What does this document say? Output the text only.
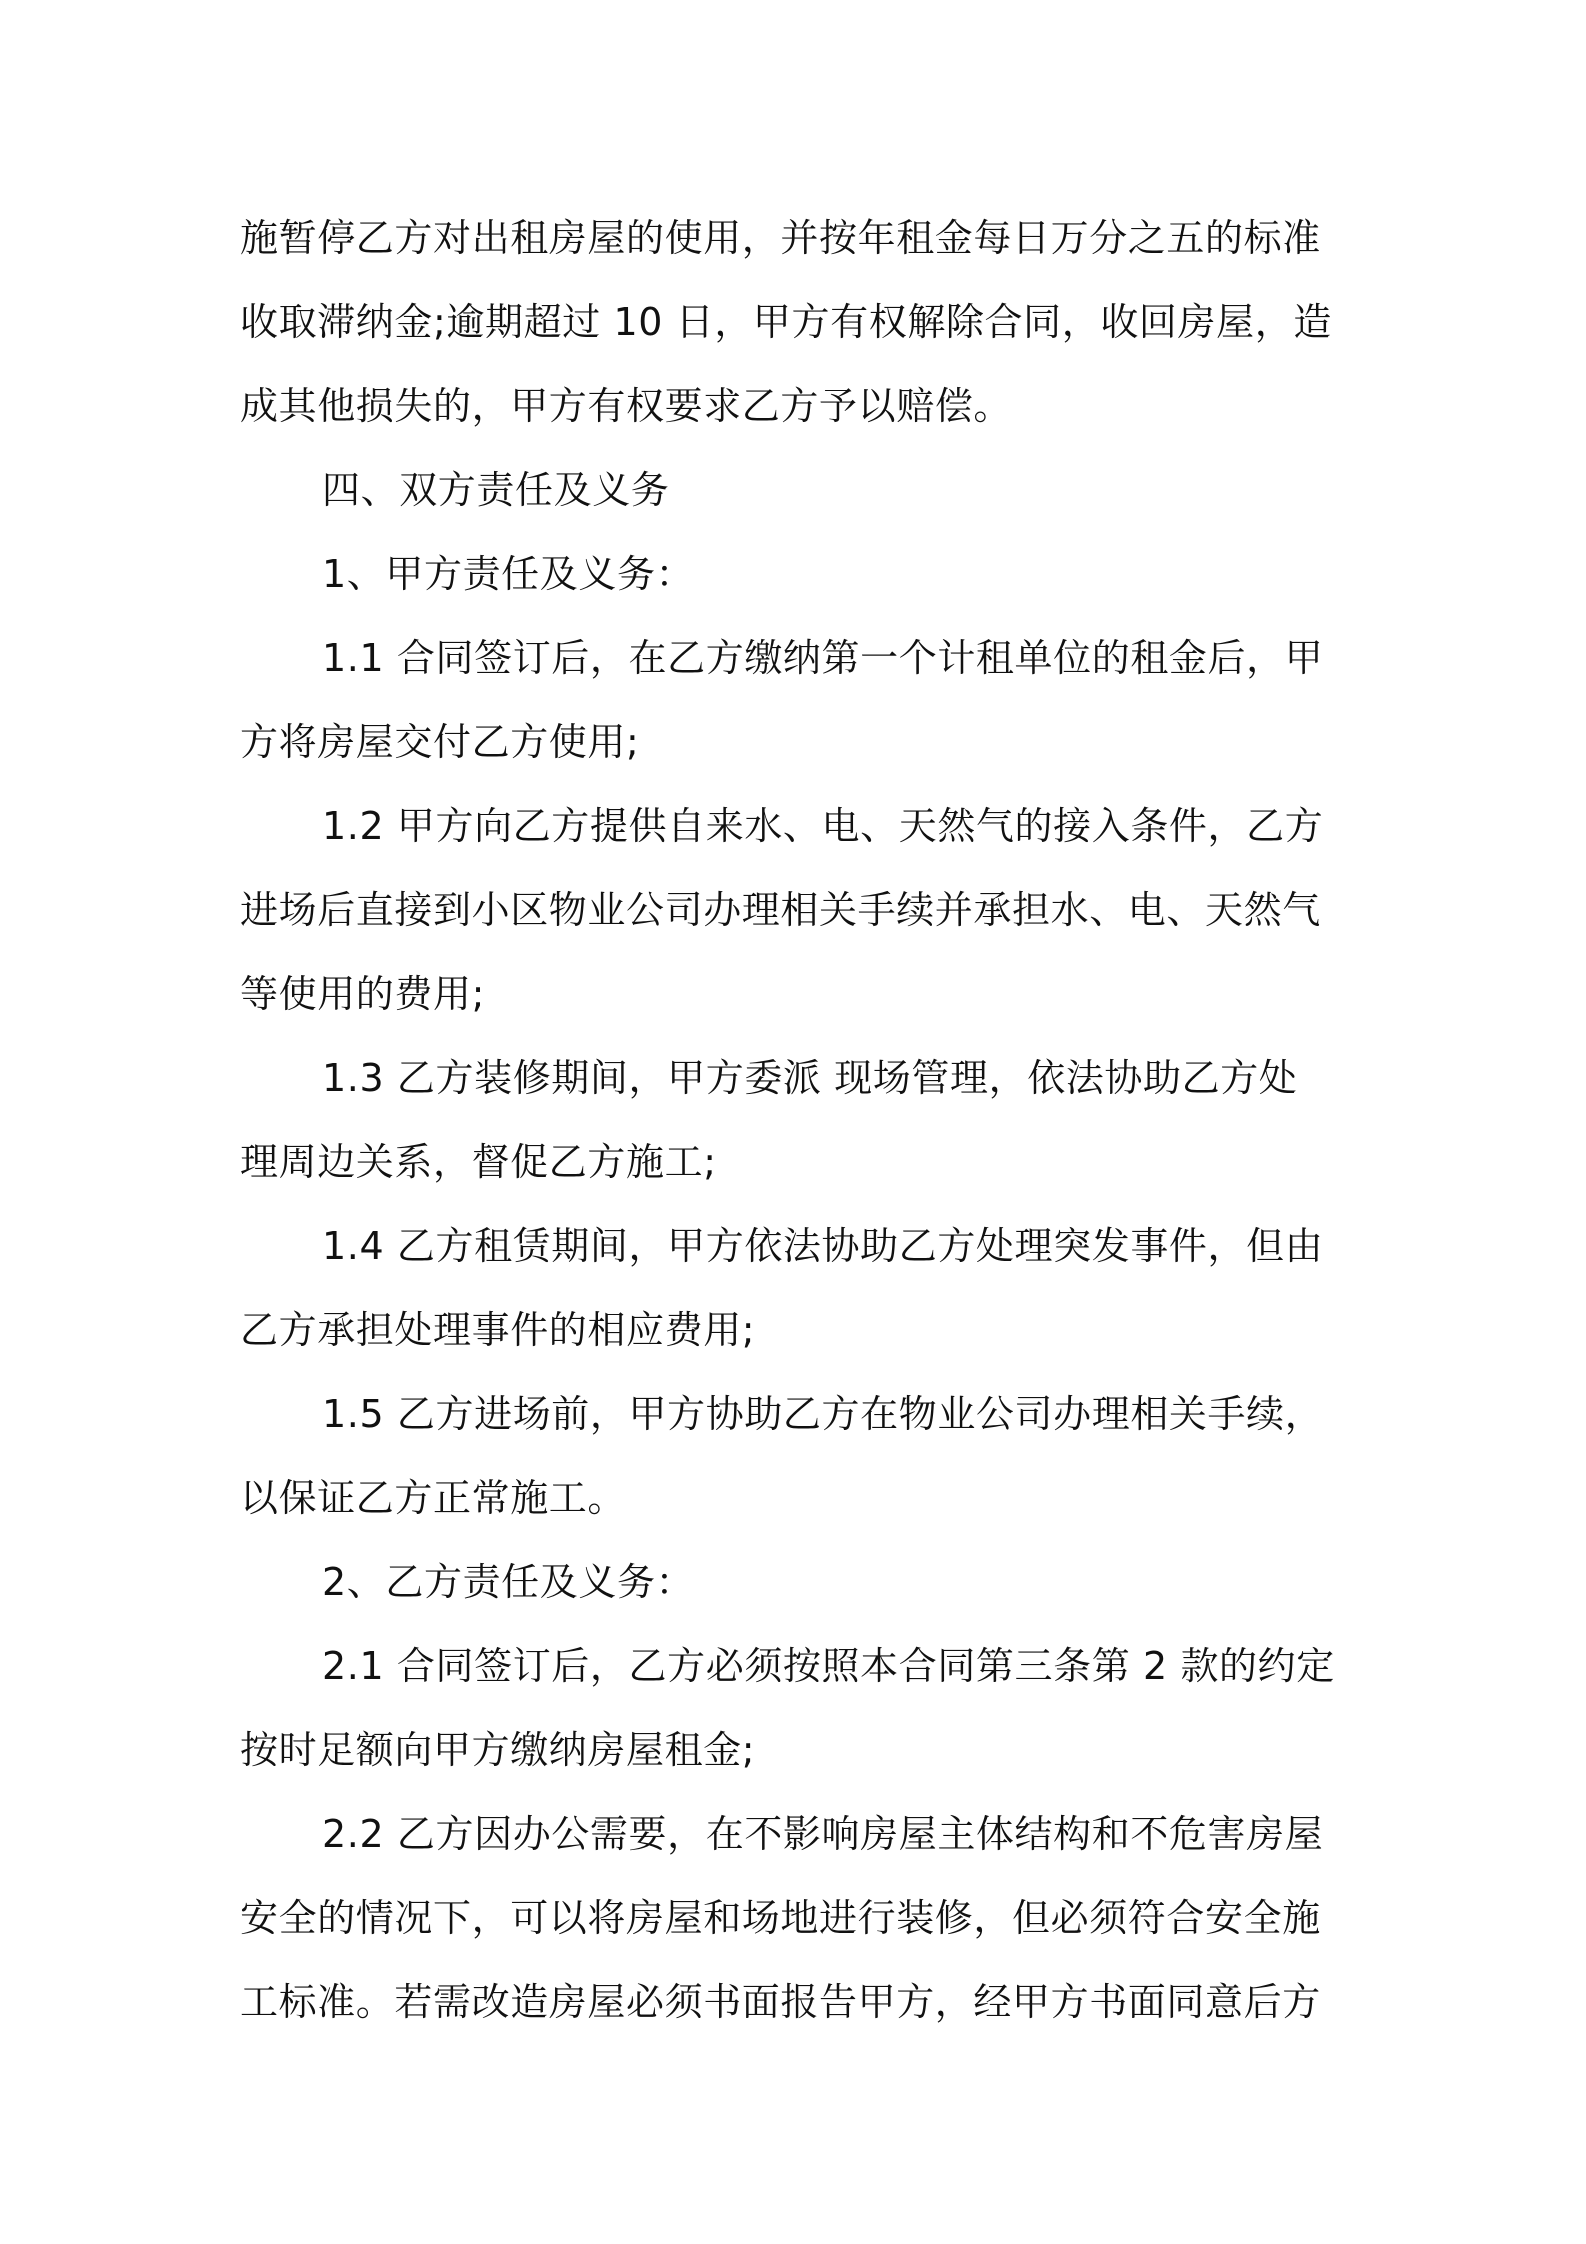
施暂停乙方对出租房屋的使用，并按年租金每日万分之五的标准
收取滞纳金;逾期超过 10 日，甲方有权解除合同，收回房屋，造
成其他损失的，甲方有权要求乙方予以赔偿。

四、双方责任及义务

1、甲方责任及义务：

1.1 合同签订后，在乙方缴纳第一个计租单位的租金后，甲
方将房屋交付乙方使用;

1.2 甲方向乙方提供自来水、电、天然气的接入条件，乙方
进场后直接到小区物业公司办理相关手续并承担水、电、天然气
等使用的费用;

1.3 乙方装修期间，甲方委派 现场管理，依法协助乙方处
理周边关系，督促乙方施工;

1.4 乙方租赁期间，甲方依法协助乙方处理突发事件，但由
乙方承担处理事件的相应费用;

1.5 乙方进场前，甲方协助乙方在物业公司办理相关手续，
以保证乙方正常施工。

2、乙方责任及义务：

2.1 合同签订后，乙方必须按照本合同第三条第 2 款的约定
按时足额向甲方缴纳房屋租金;

2.2 乙方因办公需要，在不影响房屋主体结构和不危害房屋
安全的情况下，可以将房屋和场地进行装修，但必须符合安全施
工标准。若需改造房屋必须书面报告甲方，经甲方书面同意后方
